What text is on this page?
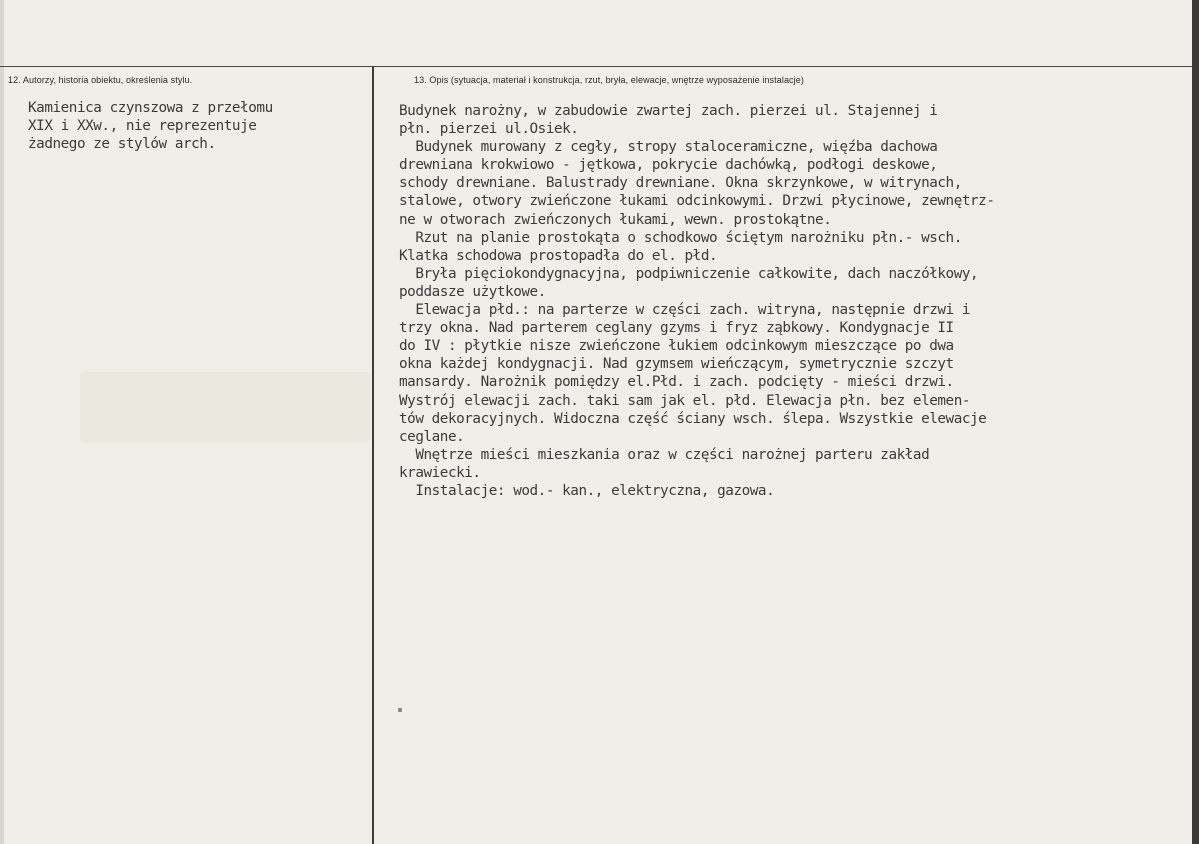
12. Autorzy, historia obiektu, określenia stylu.	13. Opis (sytuacja, materiał i konstrukcja, rzut, bryła, elewacje, wnętrze wyposażenie instalacje)
Kamienica czynszowa z przełomu
XIX i XXw., nie reprezentuje
żadnego ze stylów arch.
Budynek narożny, w zabudowie zwartej zach. pierzei ul. Stajennej i
płn. pierzei ul.Osiek.
Budynek murowany z cegły, stropy staloceramiczne, więźba dachowa
drewniana krokwiowo - jętkowa, pokrycie dachówką, podłogi deskowe,
schody drewniane. Balustrady drewniane. Okna skrzynkowe, w witrynach,
stalowe, otwory zwieńczone łukami odcinkowymi. Drzwi płycinowe, zewnętrz-
ne w otworach zwieńczonych łukami, wewn. prostokątne.
Rzut na planie prostokąta o schodkowo ściętym narożniku płn.- wsch.
Klatka schodowa prostopadła do el. płd.
Bryła pięciokondygnacyjna, podpiwniczenie całkowite, dach naczółkowy,
poddasze użytkowe.
Elewacja płd.: na parterze w części zach. witryna, następnie drzwi i
trzy okna. Nad parterem ceglany gzyms i fryz ząbkowy. Kondygnacje II
do IV : płytkie nisze zwieńczone łukiem odcinkowym mieszczące po dwa
okna każdej kondygnacji. Nad gzymsem wieńczącym, symetrycznie szczyt
mansardy. Narożnik pomiędzy el.Płd. i zach. podcięty - mieści drzwi.
Wystrój elewacji zach. taki sam jak el. płd. Elewacja płn. bez elemen-
tów dekoracyjnych. Widoczna część ściany wsch. ślepa. Wszystkie elewacje
ceglane.
Wnętrze mieści mieszkania oraz w części narożnej parteru zakład
krawiecki.
Instalacje: wod.- kan., elektryczna, gazowa.
